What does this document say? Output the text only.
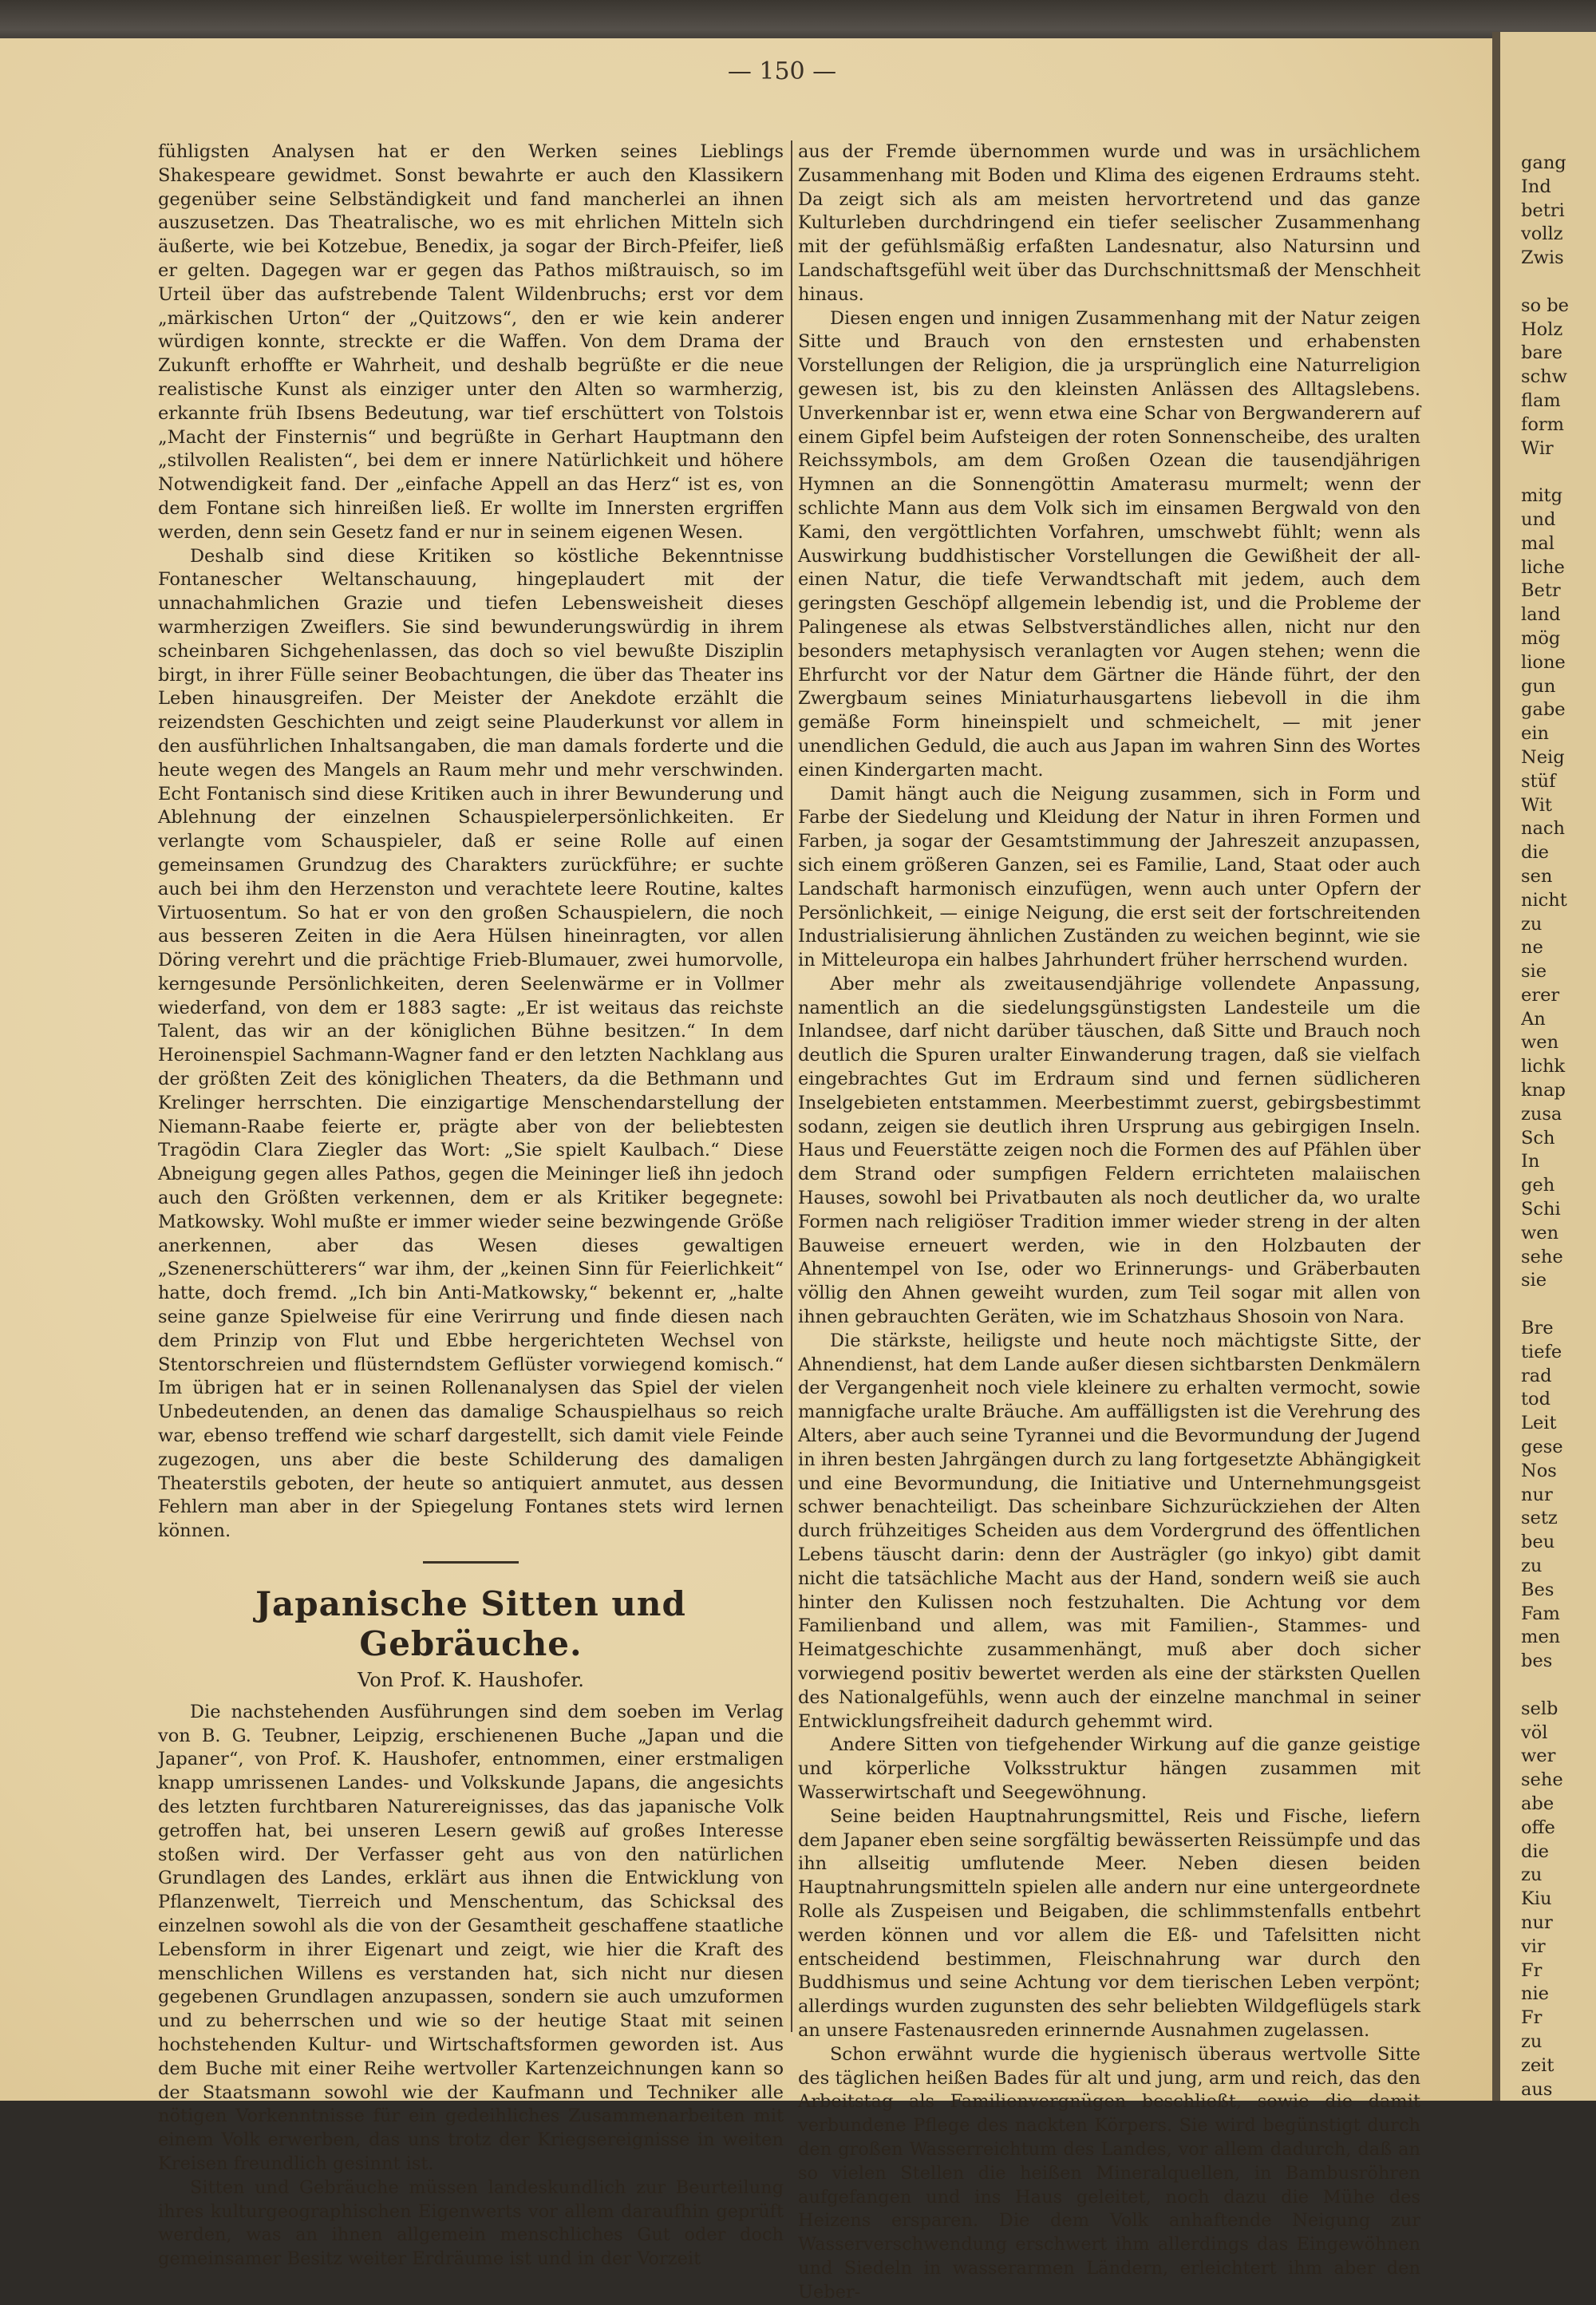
— 150 —

fühligsten Analysen hat er den Werken seines Lieblings Shakespeare gewidmet. Sonst bewahrte er auch den Klassikern gegenüber seine Selbständigkeit und fand mancherlei an ihnen auszusetzen. Das Theatralische, wo es mit ehrlichen Mitteln sich äußerte, wie bei Kotzebue, Benedix, ja sogar der Birch-Pfeifer, ließ er gelten. Dagegen war er gegen das Pathos mißtrauisch, so im Urteil über das aufstrebende Talent Wildenbruchs; erst vor dem „märkischen Urton“ der „Quitzows“, den er wie kein anderer würdigen konnte, streckte er die Waffen. Von dem Drama der Zukunft erhoffte er Wahrheit, und deshalb begrüßte er die neue realistische Kunst als einziger unter den Alten so warmherzig, erkannte früh Ibsens Bedeutung, war tief erschüttert von Tolstois „Macht der Finsternis“ und begrüßte in Gerhart Hauptmann den „stilvollen Realisten“, bei dem er innere Natürlichkeit und höhere Notwendigkeit fand. Der „einfache Appell an das Herz“ ist es, von dem Fontane sich hinreißen ließ. Er wollte im Innersten ergriffen werden, denn sein Gesetz fand er nur in seinem eigenen Wesen.

Deshalb sind diese Kritiken so köstliche Bekenntnisse Fontanescher Weltanschauung, hingeplaudert mit der unnachahmlichen Grazie und tiefen Lebensweisheit dieses warmherzigen Zweiflers. Sie sind bewunderungswürdig in ihrem scheinbaren Sichgehenlassen, das doch so viel bewußte Disziplin birgt, in ihrer Fülle seiner Beobachtungen, die über das Theater ins Leben hinausgreifen. Der Meister der Anekdote erzählt die reizendsten Geschichten und zeigt seine Plauderkunst vor allem in den ausführlichen Inhaltsangaben, die man damals forderte und die heute wegen des Mangels an Raum mehr und mehr verschwinden. Echt Fontanisch sind diese Kritiken auch in ihrer Bewunderung und Ablehnung der einzelnen Schauspielerpersönlichkeiten. Er verlangte vom Schauspieler, daß er seine Rolle auf einen gemeinsamen Grundzug des Charakters zurückführe; er suchte auch bei ihm den Herzenston und verachtete leere Routine, kaltes Virtuosentum. So hat er von den großen Schauspielern, die noch aus besseren Zeiten in die Aera Hülsen hineinragten, vor allen Döring verehrt und die prächtige Frieb-Blumauer, zwei humorvolle, kerngesunde Persönlichkeiten, deren Seelenwärme er in Vollmer wiederfand, von dem er 1883 sagte: „Er ist weitaus das reichste Talent, das wir an der königlichen Bühne besitzen.“ In dem Heroinenspiel Sachmann-Wagner fand er den letzten Nachklang aus der größten Zeit des königlichen Theaters, da die Bethmann und Krelinger herrschten. Die einzigartige Menschendarstellung der Niemann-Raabe feierte er, prägte aber von der beliebtesten Tragödin Clara Ziegler das Wort: „Sie spielt Kaulbach.“ Diese Abneigung gegen alles Pathos, gegen die Meininger ließ ihn jedoch auch den Größten verkennen, dem er als Kritiker begegnete: Matkowsky. Wohl mußte er immer wieder seine bezwingende Größe anerkennen, aber das Wesen dieses gewaltigen „Szenenerschütterers“ war ihm, der „keinen Sinn für Feierlichkeit“ hatte, doch fremd. „Ich bin Anti-Matkowsky,“ bekennt er, „halte seine ganze Spielweise für eine Verirrung und finde diesen nach dem Prinzip von Flut und Ebbe hergerichteten Wechsel von Stentorschreien und flüsterndstem Geflüster vorwiegend komisch.“ Im übrigen hat er in seinen Rollenanalysen das Spiel der vielen Unbedeutenden, an denen das damalige Schauspielhaus so reich war, ebenso treffend wie scharf dargestellt, sich damit viele Feinde zugezogen, uns aber die beste Schilderung des damaligen Theaterstils geboten, der heute so antiquiert anmutet, aus dessen Fehlern man aber in der Spiegelung Fontanes stets wird lernen können.

Japanische Sitten und Gebräuche.
Von Prof. K. Haushofer.

Die nachstehenden Ausführungen sind dem soeben im Verlag von B. G. Teubner, Leipzig, erschienenen Buche „Japan und die Japaner“, von Prof. K. Haushofer, entnommen, einer erstmaligen knapp umrissenen Landes- und Volkskunde Japans, die angesichts des letzten furchtbaren Naturereignisses, das das japanische Volk getroffen hat, bei unseren Lesern gewiß auf großes Interesse stoßen wird. Der Verfasser geht aus von den natürlichen Grundlagen des Landes, erklärt aus ihnen die Entwicklung von Pflanzenwelt, Tierreich und Menschentum, das Schicksal des einzelnen sowohl als die von der Gesamtheit geschaffene staatliche Lebensform in ihrer Eigenart und zeigt, wie hier die Kraft des menschlichen Willens es verstanden hat, sich nicht nur diesen gegebenen Grundlagen anzupassen, sondern sie auch umzuformen und zu beherrschen und wie so der heutige Staat mit seinen hochstehenden Kultur- und Wirtschaftsformen geworden ist. Aus dem Buche mit einer Reihe wertvoller Kartenzeichnungen kann so der Staatsmann sowohl wie der Kaufmann und Techniker alle nötigen Vorkenntnisse für ein gedeihliches Zusammenarbeiten mit einem Volk erwerben, das uns trotz der Kriegsereignisse in weiten Kreisen freundlich gesinnt ist.

Sitten und Gebräuche müssen landeskundlich zur Beurteilung ihres kulturgeographischen Eigenwerts vor allem daraufhin geprüft werden, was an ihnen allgemein menschliches Gut oder doch gemeinsamer Besitz weiter Erdräume ist und in der Vorzeit

aus der Fremde übernommen wurde und was in ursächlichem Zusammenhang mit Boden und Klima des eigenen Erdraums steht. Da zeigt sich als am meisten hervortretend und das ganze Kulturleben durchdringend ein tiefer seelischer Zusammenhang mit der gefühlsmäßig erfaßten Landesnatur, also Natursinn und Landschaftsgefühl weit über das Durchschnittsmaß der Menschheit hinaus.

Diesen engen und innigen Zusammenhang mit der Natur zeigen Sitte und Brauch von den ernstesten und erhabensten Vorstellungen der Religion, die ja ursprünglich eine Naturreligion gewesen ist, bis zu den kleinsten Anlässen des Alltagslebens. Unverkennbar ist er, wenn etwa eine Schar von Bergwanderern auf einem Gipfel beim Aufsteigen der roten Sonnenscheibe, des uralten Reichssymbols, am dem Großen Ozean die tausendjährigen Hymnen an die Sonnengöttin Amaterasu murmelt; wenn der schlichte Mann aus dem Volk sich im einsamen Bergwald von den Kami, den vergöttlichten Vorfahren, umschwebt fühlt; wenn als Auswirkung buddhistischer Vorstellungen die Gewißheit der all-einen Natur, die tiefe Verwandtschaft mit jedem, auch dem geringsten Geschöpf allgemein lebendig ist, und die Probleme der Palingenese als etwas Selbstverständliches allen, nicht nur den besonders metaphysisch veranlagten vor Augen stehen; wenn die Ehrfurcht vor der Natur dem Gärtner die Hände führt, der den Zwergbaum seines Miniaturhausgartens liebevoll in die ihm gemäße Form hineinspielt und schmeichelt, — mit jener unendlichen Geduld, die auch aus Japan im wahren Sinn des Wortes einen Kindergarten macht.

Damit hängt auch die Neigung zusammen, sich in Form und Farbe der Siedelung und Kleidung der Natur in ihren Formen und Farben, ja sogar der Gesamtstimmung der Jahreszeit anzupassen, sich einem größeren Ganzen, sei es Familie, Land, Staat oder auch Landschaft harmonisch einzufügen, wenn auch unter Opfern der Persönlichkeit, — einige Neigung, die erst seit der fortschreitenden Industrialisierung ähnlichen Zuständen zu weichen beginnt, wie sie in Mitteleuropa ein halbes Jahrhundert früher herrschend wurden.

Aber mehr als zweitausendjährige vollendete Anpassung, namentlich an die siedelungsgünstigsten Landesteile um die Inlandsee, darf nicht darüber täuschen, daß Sitte und Brauch noch deutlich die Spuren uralter Einwanderung tragen, daß sie vielfach eingebrachtes Gut im Erdraum sind und fernen südlicheren Inselgebieten entstammen. Meerbestimmt zuerst, gebirgsbestimmt sodann, zeigen sie deutlich ihren Ursprung aus gebirgigen Inseln. Haus und Feuerstätte zeigen noch die Formen des auf Pfählen über dem Strand oder sumpfigen Feldern errichteten malaiischen Hauses, sowohl bei Privatbauten als noch deutlicher da, wo uralte Formen nach religiöser Tradition immer wieder streng in der alten Bauweise erneuert werden, wie in den Holzbauten der Ahnentempel von Ise, oder wo Erinnerungs- und Gräberbauten völlig den Ahnen geweiht wurden, zum Teil sogar mit allen von ihnen gebrauchten Geräten, wie im Schatzhaus Shosoin von Nara.

Die stärkste, heiligste und heute noch mächtigste Sitte, der Ahnendienst, hat dem Lande außer diesen sichtbarsten Denkmälern der Vergangenheit noch viele kleinere zu erhalten vermocht, sowie mannigfache uralte Bräuche. Am auffälligsten ist die Verehrung des Alters, aber auch seine Tyrannei und die Bevormundung der Jugend in ihren besten Jahrgängen durch zu lang fortgesetzte Abhängigkeit und eine Bevormundung, die Initiative und Unternehmungsgeist schwer benachteiligt. Das scheinbare Sichzurückziehen der Alten durch frühzeitiges Scheiden aus dem Vordergrund des öffentlichen Lebens täuscht darin: denn der Austrägler (go inkyo) gibt damit nicht die tatsächliche Macht aus der Hand, sondern weiß sie auch hinter den Kulissen noch festzuhalten. Die Achtung vor dem Familienband und allem, was mit Familien-, Stammes- und Heimatgeschichte zusammenhängt, muß aber doch sicher vorwiegend positiv bewertet werden als eine der stärksten Quellen des Nationalgefühls, wenn auch der einzelne manchmal in seiner Entwicklungsfreiheit dadurch gehemmt wird.

Andere Sitten von tiefgehender Wirkung auf die ganze geistige und körperliche Volksstruktur hängen zusammen mit Wasserwirtschaft und Seegewöhnung.

Seine beiden Hauptnahrungsmittel, Reis und Fische, liefern dem Japaner eben seine sorgfältig bewässerten Reissümpfe und das ihn allseitig umflutende Meer. Neben diesen beiden Hauptnahrungsmitteln spielen alle andern nur eine untergeordnete Rolle als Zuspeisen und Beigaben, die schlimmstenfalls entbehrt werden können und vor allem die Eß- und Tafelsitten nicht entscheidend bestimmen, Fleischnahrung war durch den Buddhismus und seine Achtung vor dem tierischen Leben verpönt; allerdings wurden zugunsten des sehr beliebten Wildgeflügels stark an unsere Fastenausreden erinnernde Ausnahmen zugelassen.

Schon erwähnt wurde die hygienisch überaus wertvolle Sitte des täglichen heißen Bades für alt und jung, arm und reich, das den Arbeitstag als Familienvergnügen beschließt, sowie die damit verbundene Pflege des nackten Körpers. Sie wird begünstigt durch den großen Wasserreichtum des Landes, vor allem dadurch, daß an so vielen Stellen die heißen Mineralquellen, in Bambusröhren aufgefangen und ins Haus geleitet, noch dazu die Mühe des Heizens ersparen. Die dem Volk anhaftende Neigung zur Wasserverschwendung erschwert ihm allerdings das Eingewöhnen und Siedeln in wasserarmen Ländern, erleichtert ihm aber den Ueber-

gang
Ind
betri
vollz
Zwis

so be
Holz
bare
schw
flam
form
Wir

mitg
und
mal
liche
Betr
land
mög
lione
gun
gabe
ein
Neig
stüf
Wit
nach
die
sen
nicht
zu
ne
sie
erer
An
wen
lichk
knap
zusa
Sch
In
geh
Schi
wen
sehe
sie

Bre
tiefe
rad
tod
Leit
gese
Nos
nur
setz
beu
zu
Bes
Fam
men
bes

selb
völ
wer
sehe
abe
offe
die
zu
Kiu
nur
vir
Fr
nie
Fr
zu
zeit
aus
